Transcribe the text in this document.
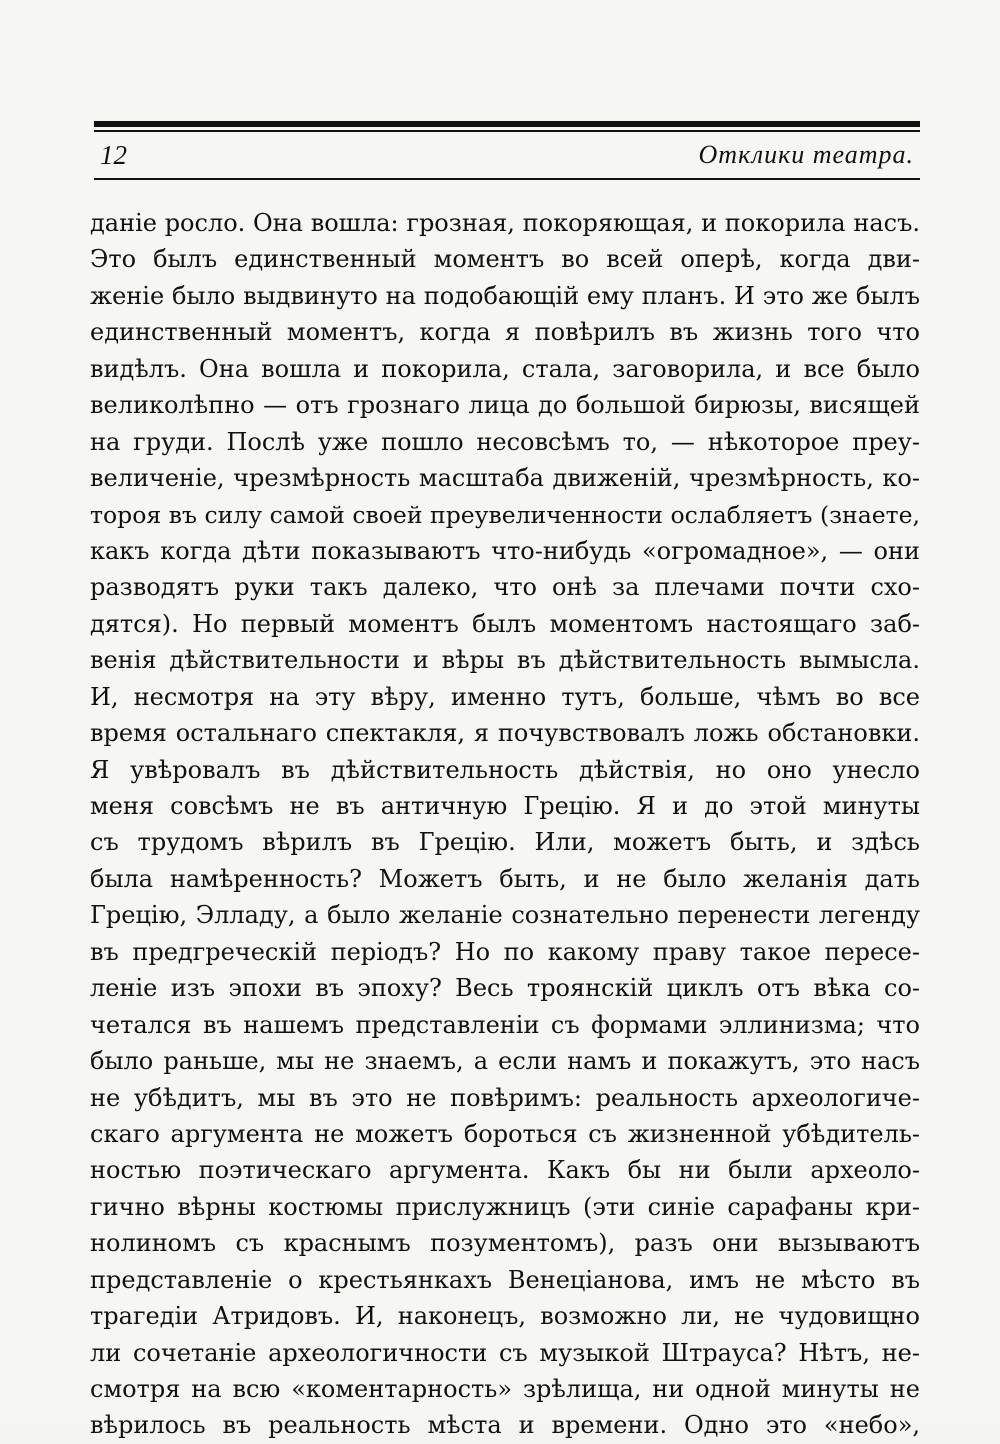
12	Отклики театра.
даніе росло. Она вошла: грозная, покоряющая, и покорила насъ.
Это былъ единственный моментъ во всей оперѣ, когда дви-
женіе было выдвинуто на подобающій ему планъ. И это же былъ
единственный моментъ, когда я повѣрилъ въ жизнь того что
видѣлъ. Она вошла и покорила, стала, заговорила, и все было
великолѣпно — отъ грознаго лица до большой бирюзы, висящей
на груди. Послѣ уже пошло несовсѣмъ то, — нѣкоторое преу-
величеніе, чрезмѣрность масштаба движеній, чрезмѣрность, ко-
тороя въ силу самой своей преувеличенности ослабляетъ (знаете,
какъ когда дѣти показываютъ что-нибудь «огромадное», — они
разводятъ руки такъ далеко, что онѣ за плечами почти схо-
дятся). Но первый моментъ былъ моментомъ настоящаго заб-
венія дѣйствительности и вѣры въ дѣйствительность вымысла.
И, несмотря на эту вѣру, именно тутъ, больше, чѣмъ во все
время остальнаго спектакля, я почувствовалъ ложь обстановки.
Я увѣровалъ въ дѣйствительность дѣйствія, но оно унесло
меня совсѣмъ не въ античную Грецію. Я и до этой минуты
съ трудомъ вѣрилъ въ Грецію. Или, можетъ быть, и здѣсь
была намѣренность? Можетъ быть, и не было желанія дать
Грецію, Элладу, а было желаніе сознательно перенести легенду
въ предгреческій періодъ? Но по какому праву такое пересе-
леніе изъ эпохи въ эпоху? Весь троянскій циклъ отъ вѣка со-
четался въ нашемъ представленіи съ формами эллинизма; что
было раньше, мы не знаемъ, а если намъ и покажутъ, это насъ
не убѣдитъ, мы въ это не повѣримъ: реальность археологиче-
скаго аргумента не можетъ бороться съ жизненной убѣдитель-
ностью поэтическаго аргумента. Какъ бы ни были археоло-
гично вѣрны костюмы прислужницъ (эти синіе сарафаны кри-
нолиномъ съ краснымъ позументомъ), разъ они вызываютъ
представленіе о крестьянкахъ Венеціанова, имъ не мѣсто въ
трагедіи Атридовъ. И, наконецъ, возможно ли, не чудовищно
ли сочетаніе археологичности съ музыкой Штрауса? Нѣтъ, не-
смотря на всю «коментарность» зрѣлища, ни одной минуты не
вѣрилось въ реальность мѣста и времени. Одно это «небо»,
